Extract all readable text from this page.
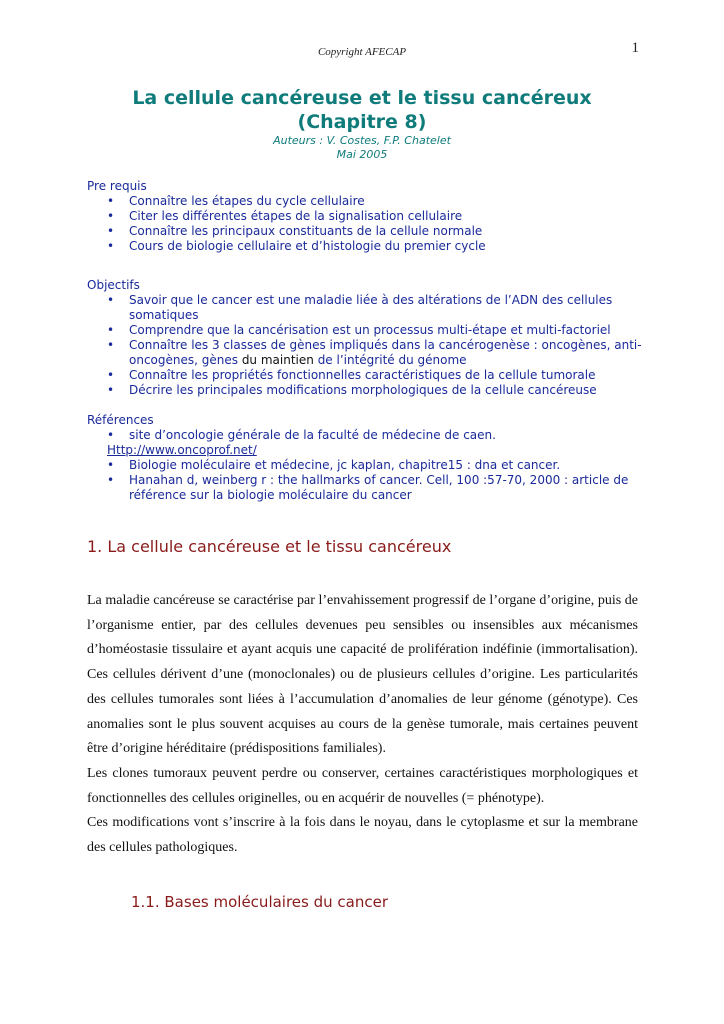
Copyright AFECAP	1
La cellule cancéreuse et le tissu cancéreux
(Chapitre 8)
Auteurs : V. Costes, F.P. Chatelet
Mai 2005
Pre requis
• Connaître les étapes du cycle cellulaire
• Citer les différentes étapes de la signalisation cellulaire
• Connaître les principaux constituants de la cellule normale
• Cours de biologie cellulaire et d’histologie du premier cycle
Objectifs
• Savoir que le cancer est une maladie liée à des altérations de l’ADN des cellules somatiques
• Comprendre que la cancérisation est un processus multi-étape et multi-factoriel
• Connaître les 3 classes de gènes impliqués dans la cancérogenèse : oncogènes, anti-oncogènes, gènes du maintien de l’intégrité du génome
• Connaître les propriétés fonctionnelles caractéristiques de la cellule tumorale
• Décrire les principales modifications morphologiques de la cellule cancéreuse
Références
• site d’oncologie générale de la faculté de médecine de caen.
Http://www.oncoprof.net/
• Biologie moléculaire et médecine, jc kaplan, chapitre15 : dna et cancer.
• Hanahan d, weinberg r : the hallmarks of cancer. Cell, 100 :57-70, 2000 : article de référence sur la biologie moléculaire du cancer
1. La cellule cancéreuse et le tissu cancéreux

La maladie cancéreuse se caractérise par l’envahissement progressif de l’organe d’origine, puis de l’organisme entier, par des cellules devenues peu sensibles ou insensibles aux mécanismes d’homéostasie tissulaire et ayant acquis une capacité de prolifération indéfinie (immortalisation). Ces cellules dérivent d’une (monoclonales) ou de plusieurs cellules d’origine. Les particularités des cellules tumorales sont liées à l’accumulation d’anomalies de leur génome (génotype). Ces anomalies sont le plus souvent acquises au cours de la genèse tumorale, mais certaines peuvent être d’origine héréditaire (prédispositions familiales).

Les clones tumoraux peuvent perdre ou conserver, certaines caractéristiques morphologiques et fonctionnelles des cellules originelles, ou en acquérir de nouvelles (= phénotype).

Ces modifications vont s’inscrire à la fois dans le noyau, dans le cytoplasme et sur la membrane des cellules pathologiques.

1.1. Bases moléculaires du cancer
